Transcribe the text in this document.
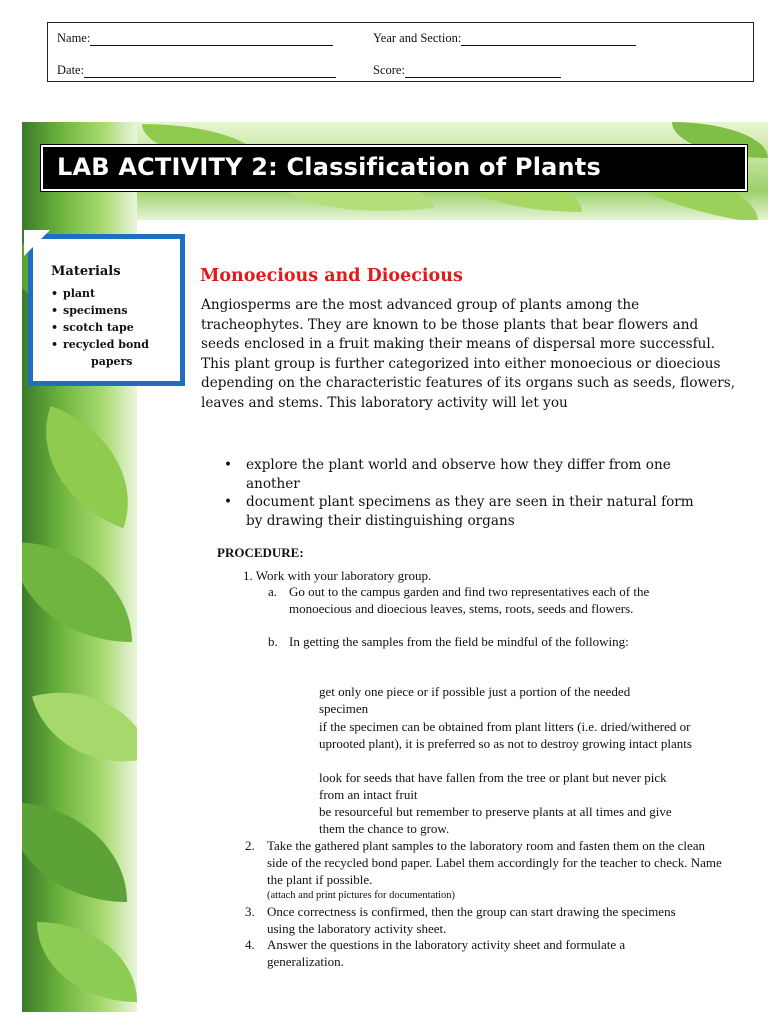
Name:	Year and Section:
Date:	Score:
LAB ACTIVITY 2: Classification of Plants
Materials
• plant
• specimens
• scotch tape
• recycled bond
papers
Monoecious and Dioecious
Angiosperms are the most advanced group of plants among the tracheophytes. They are known to be those plants that bear flowers and seeds enclosed in a fruit making their means of dispersal more successful. This plant group is further categorized into either monoecious or dioecious depending on the characteristic features of its organs such as seeds, flowers, leaves and stems. This laboratory activity will let you
• explore the plant world and observe how they differ from one another
• document plant specimens as they are seen in their natural form by drawing their distinguishing organs
PROCEDURE:
1. Work with your laboratory group.
a. Go out to the campus garden and find two representatives each of the monoecious and dioecious leaves, stems, roots, seeds and flowers.
b. In getting the samples from the field be mindful of the following:
get only one piece or if possible just a portion of the needed specimen
if the specimen can be obtained from plant litters (i.e. dried/withered or uprooted plant), it is preferred so as not to destroy growing intact plants
look for seeds that have fallen from the tree or plant but never pick from an intact fruit
be resourceful but remember to preserve plants at all times and give them the chance to grow.
2. Take the gathered plant samples to the laboratory room and fasten them on the clean side of the recycled bond paper. Label them accordingly for the teacher to check. Name the plant if possible.
(attach and print pictures for documentation)
3. Once correctness is confirmed, then the group can start drawing the specimens using the laboratory activity sheet.
4. Answer the questions in the laboratory activity sheet and formulate a generalization.
